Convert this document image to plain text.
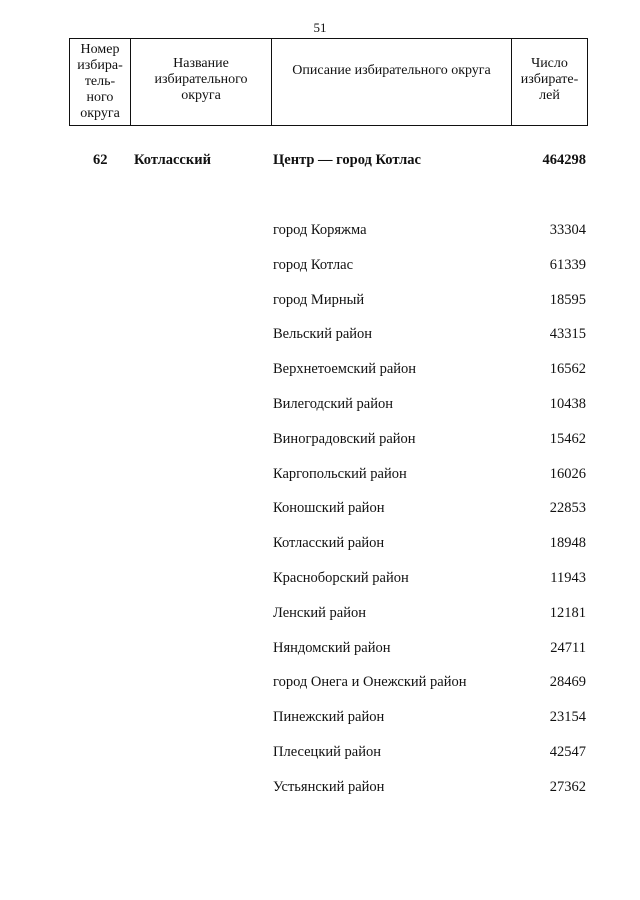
51
Номер
избира-
тель-
ного
округа

Название
избирательного
округа

Описание избирательного округа	Число
избирате-
лей
62 Котласский	Центр — город Котлас	464298
город Коряжма	33304
город Котлас	61339
город Мирный	18595
Вельский район	43315
Верхнетоемский район	16562
Вилегодский район	10438
Виноградовский район	15462
Каргопольский район	16026
Коношский район	22853
Котласский район	18948
Красноборский район	11943
Ленский район	12181
Няндомский район	24711
город Онега и Онежский район	28469
Пинежский район	23154
Плесецкий район	42547
Устьянский район	27362
